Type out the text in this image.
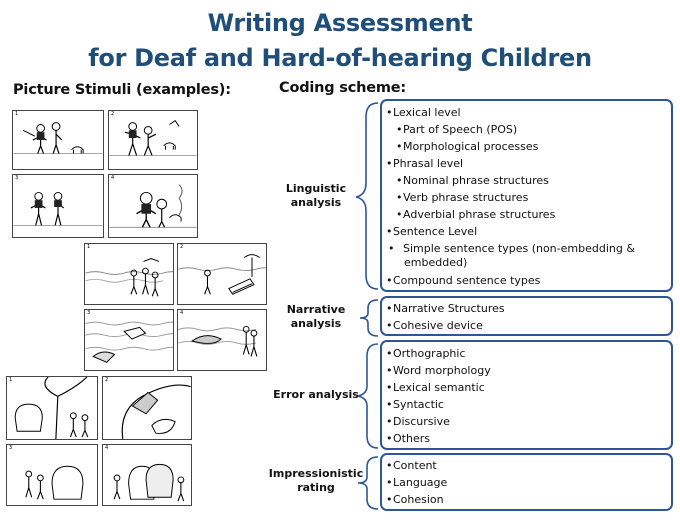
Writing Assessment
for Deaf and Hard-of-hearing Children
Picture Stimuli (examples):	Coding scheme:
1	2
3	4
1	2
3	4
1	2
3	4
Linguistic analysis
Narrative analysis
Error analysis
Impressionistic rating
•Lexical level
•Part of Speech (POS)
•Morphological processes
•Phrasal level
•Nominal phrase structures
•Verb phrase structures
•Adverbial phrase structures
•Sentence Level
• Simple sentence types (non-embedding & embedded)
•Compound sentence types
•Narrative Structures
•Cohesive device
•Orthographic
•Word morphology
•Lexical semantic
•Syntactic
•Discursive
•Others
•Content
•Language
•Cohesion
